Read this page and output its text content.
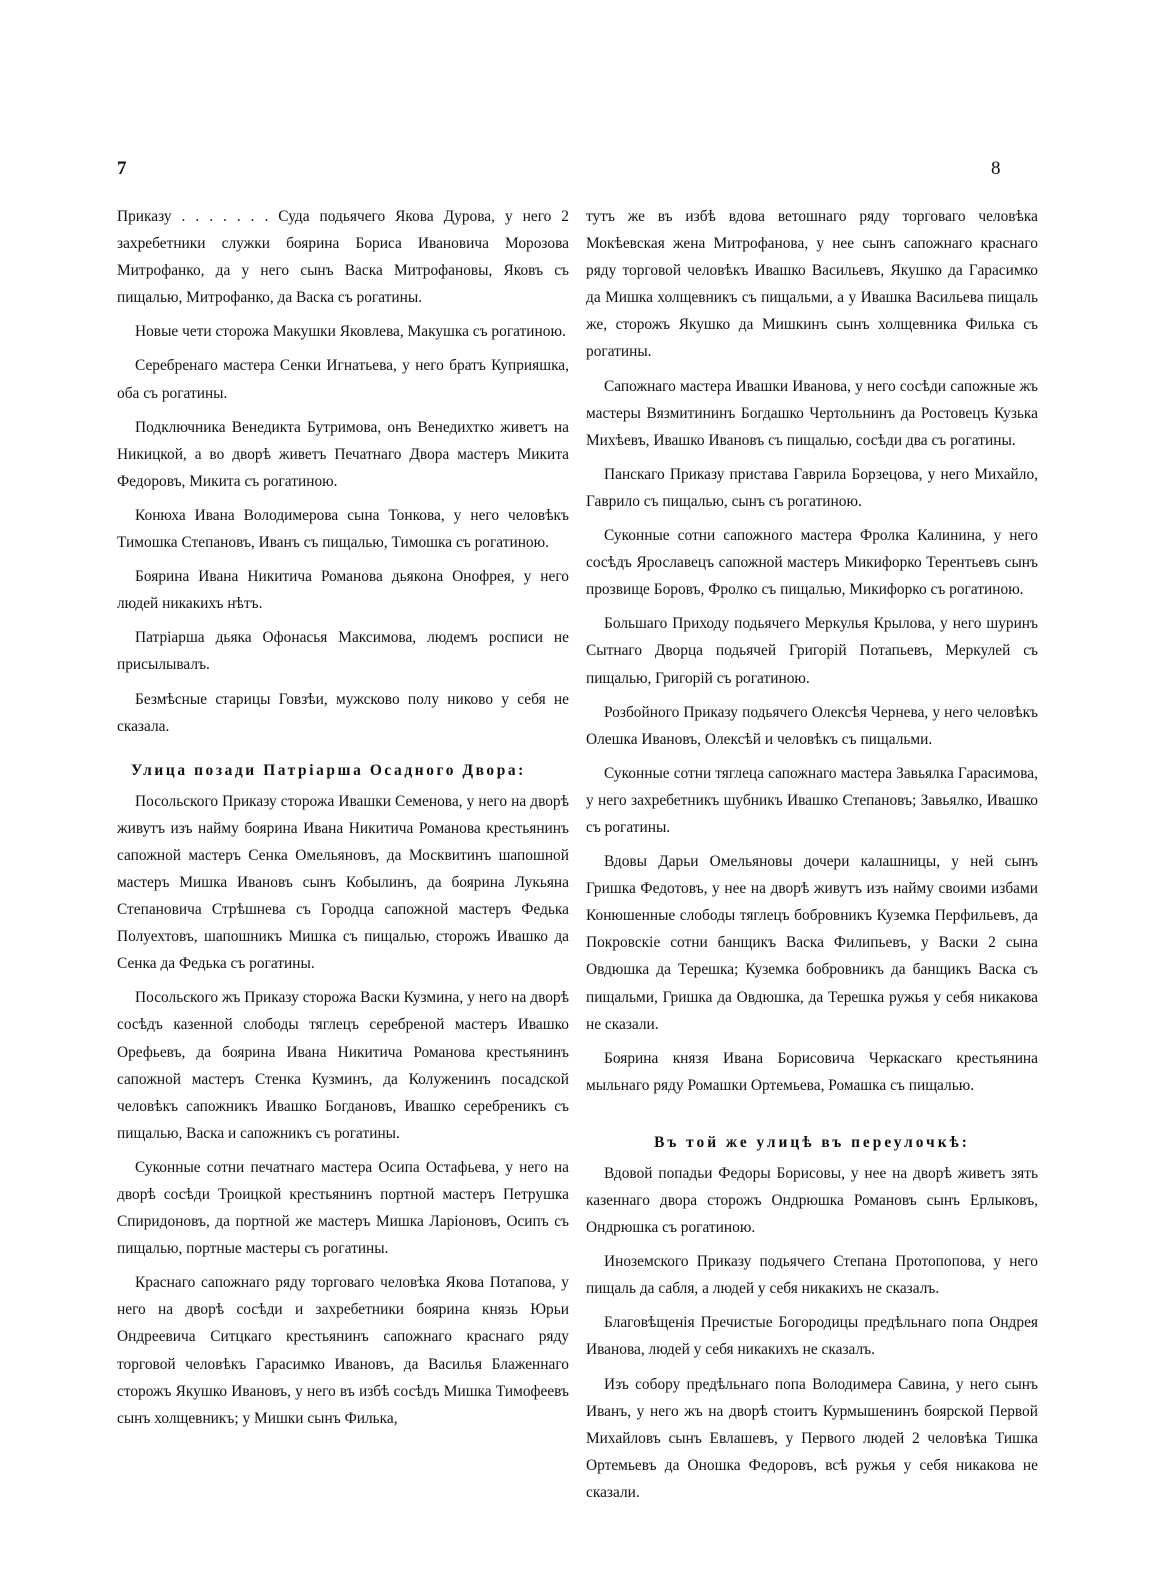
7	8

Приказу . . . . . . . Суда подьячего Якова Дурова, у него 2 захребетники служки боярина Бориса Ивановича Морозова Митрофанко, да у него сынъ Васка Митрофановы, Яковъ съ пищалью, Митрофанко, да Васка съ рогатины.

Новые чети сторожа Макушки Яковлева, Макушка съ рогатиною.

Серебренаго мастера Сенки Игнатьева, у него братъ Куприяшка, оба съ рогатины.

Подключника Венедикта Бутримова, онъ Венедихтко живетъ на Никицкой, а во дворѣ живетъ Печатнаго Двора мастеръ Микита Федоровъ, Микита съ рогатиною.

Конюха Ивана Володимерова сына Тонкова, у него человѣкъ Тимошка Степановъ, Иванъ съ пищалью, Тимошка съ рогатиною.

Боярина Ивана Никитича Романова дьякона Онофрея, у него людей никакихъ нѣтъ.

Патріарша дьяка Офонасья Максимова, людемъ росписи не присылывалъ.

Безмѣсные старицы Говзѣи, мужсково полу никово у себя не сказала.

Улица позади Патріарша Осадного Двора:

Посольского Приказу сторожа Ивашки Семенова, у него на дворѣ живутъ изъ найму боярина Ивана Никитича Романова крестьянинъ сапожной мастеръ Сенка Омельяновъ, да Москвитинъ шапошной мастеръ Мишка Ивановъ сынъ Кобылинъ, да боярина Лукьяна Степановича Стрѣшнева съ Городца сапожной мастеръ Федька Полуехтовъ, шапошникъ Мишка съ пищалью, сторожъ Ивашко да Сенка да Федька съ рогатины.

Посольского жъ Приказу сторожа Васки Кузмина, у него на дворѣ сосѣдъ казенной слободы тяглецъ серебреной мастеръ Ивашко Орефьевъ, да боярина Ивана Никитича Романова крестьянинъ сапожной мастеръ Стенка Кузминъ, да Колуженинъ посадской человѣкъ сапожникъ Ивашко Богдановъ, Ивашко серебреникъ съ пищалью, Васка и сапожникъ съ рогатины.

Суконные сотни печатнаго мастера Осипа Остафьева, у него на дворѣ сосѣди Троицкой крестьянинъ портной мастеръ Петрушка Спиридоновъ, да портной же мастеръ Мишка Ларіоновъ, Осипъ съ пищалью, портные мастеры съ рогатины.

Краснаго сапожнаго ряду торговаго человѣка Якова Потапова, у него на дворѣ сосѣди и захребетники боярина князь Юрьи Ондреевича Ситцкаго крестьянинъ сапожнаго краснаго ряду торговой человѣкъ Гарасимко Ивановъ, да Василья Блаженнаго сторожъ Якушко Ивановъ, у него въ избѣ сосѣдъ Мишка Тимофеевъ сынъ холщевникъ; у Мишки сынъ Филька,

тутъ же въ избѣ вдова ветошнаго ряду торговаго человѣка Мокѣевская жена Митрофанова, у нее сынъ сапожнаго краснаго ряду торговой человѣкъ Ивашко Васильевъ, Якушко да Гарасимко да Мишка холщевникъ съ пищальми, а у Ивашка Васильева пищаль же, сторожъ Якушко да Мишкинъ сынъ холщевника Филька съ рогатины.

Сапожнаго мастера Ивашки Иванова, у него сосѣди сапожные жъ мастеры Вязмитининъ Богдашко Чертольнинъ да Ростовецъ Кузька Михѣевъ, Ивашко Ивановъ съ пищалью, сосѣди два съ рогатины.

Панскаго Приказу пристава Гаврила Борзецова, у него Михайло, Гаврило съ пищалью, сынъ съ рогатиною.

Суконные сотни сапожного мастера Фролка Калинина, у него сосѣдъ Ярославецъ сапожной мастеръ Микифорко Терентьевъ сынъ прозвище Боровъ, Фролко съ пищалью, Микифорко съ рогатиною.

Большаго Приходу подьячего Меркулья Крылова, у него шуринъ Сытнаго Дворца подьячей Григорій Потапьевъ, Меркулей съ пищалью, Григорій съ рогатиною.

Розбойного Приказу подьячего Олексѣя Чернева, у него человѣкъ Олешка Ивановъ, Олексѣй и человѣкъ съ пищальми.

Суконные сотни тяглеца сапожнаго мастера Завьялка Гарасимова, у него захребетникъ шубникъ Ивашко Степановъ; Завьялко, Ивашко съ рогатины.

Вдовы Дарьи Омельяновы дочери калашницы, у ней сынъ Гришка Федотовъ, у нее на дворѣ живутъ изъ найму своими избами Конюшенные слободы тяглецъ бобровникъ Куземка Перфильевъ, да Покровскіе сотни банщикъ Васка Филипьевъ, у Васки 2 сына Овдюшка да Терешка; Куземка бобровникъ да банщикъ Васка съ пищальми, Гришка да Овдюшка, да Терешка ружья у себя никакова не сказали.

Боярина князя Ивана Борисовича Черкаскаго крестьянина мыльнаго ряду Ромашки Ортемьева, Ромашка съ пищалью.

Въ той же улицѣ въ переулочкѣ:

Вдовой попадьи Федоры Борисовы, у нее на дворѣ живетъ зять казеннаго двора сторожъ Ондрюшка Романовъ сынъ Ерлыковъ, Ондрюшка съ рогатиною.

Иноземского Приказу подьячего Степана Протопопова, у него пищаль да сабля, а людей у себя никакихъ не сказалъ.

Благовѣщенія Пречистые Богородицы предѣльнаго попа Ондрея Иванова, людей у себя никакихъ не сказалъ.

Изъ собору предѣльнаго попа Володимера Савина, у него сынъ Иванъ, у него жъ на дворѣ стоитъ Курмышенинъ боярской Первой Михайловъ сынъ Евлашевъ, у Первого людей 2 человѣка Тишка Ортемьевъ да Оношка Федоровъ, всѣ ружья у себя никакова не сказали.
